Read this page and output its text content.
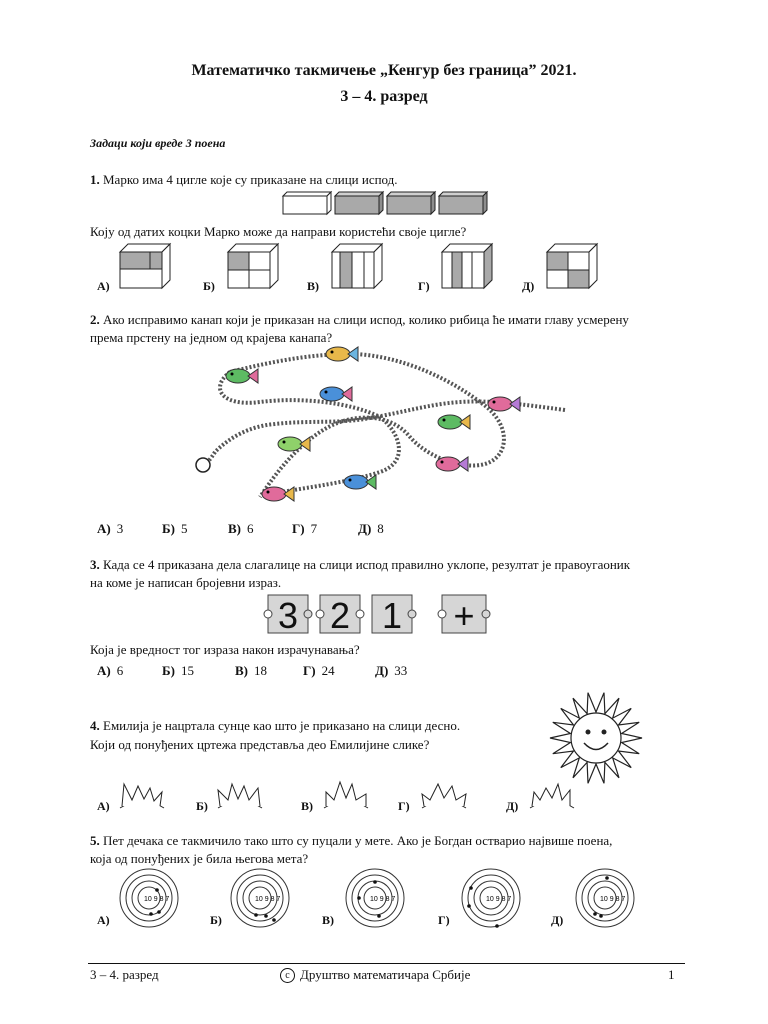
Математичко такмичење „Кенгур без граница” 2021.
3 – 4. разред
Задаци који вреде 3 поена
1. Марко има 4 цигле које су приказане на слици испод.
Коју од датих коцки Марко може да направи користећи своје цигле?
А)	Б)	В)	Г)	Д)
2. Ако исправимо канап који је приказан на слици испод, колико рибица ће имати главу усмерену
према прстену на једном од крајева канапа?
А) 3	Б) 5	В) 6	Г) 7	Д) 8
3. Када се 4 приказана дела слагалице на слици испод правилно уклопе, резултат је правоугаоник
на коме је написан бројевни израз.
3 2 1 +
Која је вредност тог израза након израчунавања?
А) 6	Б) 15	В) 18	Г) 24	Д) 33
4. Емилија је нацртала сунце као што је приказано на слици десно.
Који од понуђених цртежа представља део Емилијине слике?
А)	Б)	В)	Г)	Д)
5. Пет дечака се такмичило тако што су пуцали у мете. Ако је Богдан остварио највише поена,
која од понуђених је била његова мета?
А)	Б)	В)	Г)	Д)
10 9 8 7	10 9 8 7	10 9 8 7	10 9 8 7	10 9 8 7
3 – 4. разред	c Друштво математичара Србије	1
